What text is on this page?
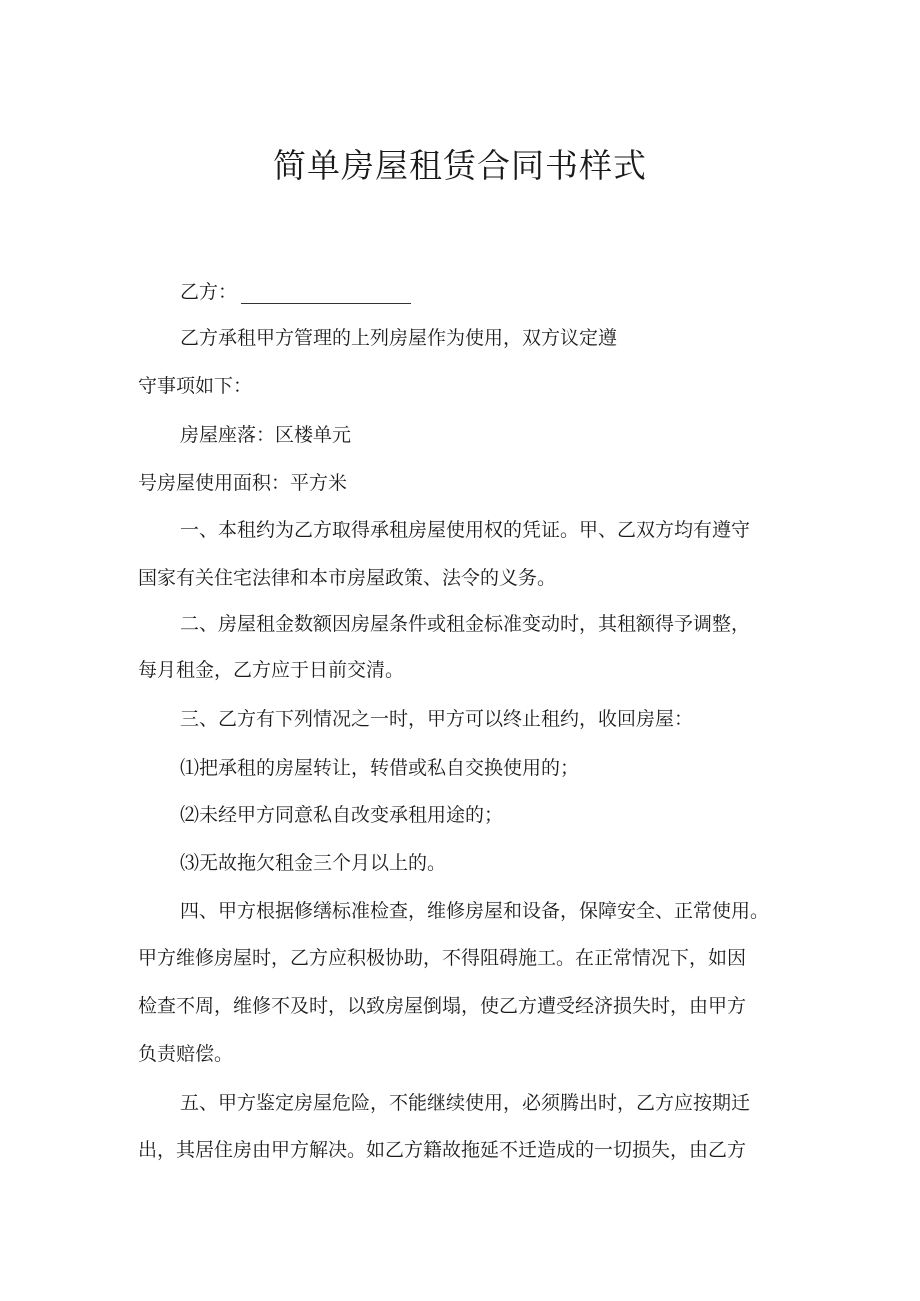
简单房屋租赁合同书样式

乙方：

乙方承租甲方管理的上列房屋作为使用，双方议定遵

守事项如下：

房屋座落：区楼单元

号房屋使用面积：平方米

一、本租约为乙方取得承租房屋使用权的凭证。甲、乙双方均有遵守

国家有关住宅法律和本市房屋政策、法令的义务。

二、房屋租金数额因房屋条件或租金标准变动时，其租额得予调整，

每月租金，乙方应于日前交清。

三、乙方有下列情况之一时，甲方可以终止租约，收回房屋：

⑴把承租的房屋转让，转借或私自交换使用的；

⑵未经甲方同意私自改变承租用途的；

⑶无故拖欠租金三个月以上的。

四、甲方根据修缮标准检查，维修房屋和设备，保障安全、正常使用。

甲方维修房屋时，乙方应积极协助，不得阻碍施工。在正常情况下，如因

检查不周，维修不及时，以致房屋倒塌，使乙方遭受经济损失时，由甲方

负责赔偿。

五、甲方鉴定房屋危险，不能继续使用，必须腾出时，乙方应按期迁

出，其居住房由甲方解决。如乙方籍故拖延不迁造成的一切损失，由乙方
